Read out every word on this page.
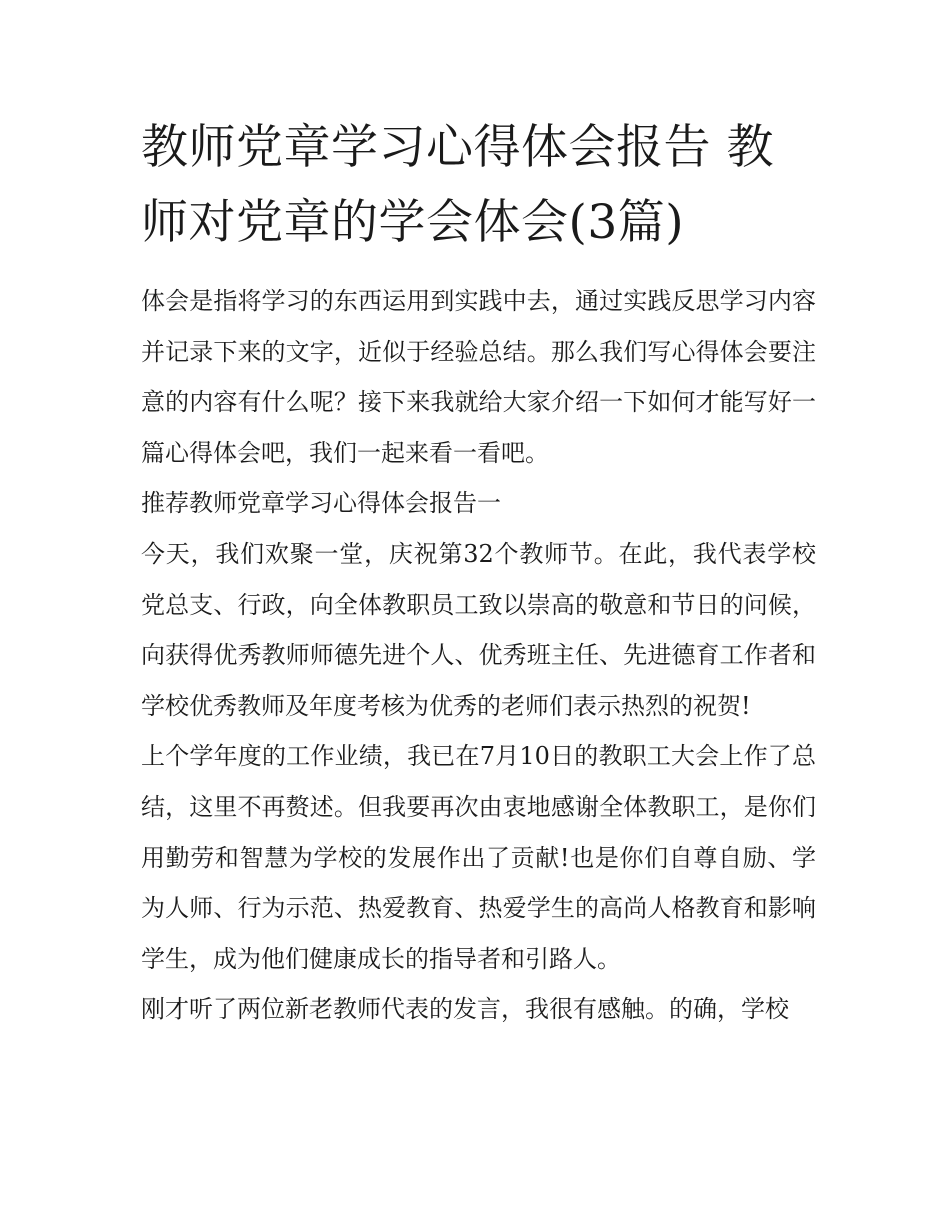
教师党章学习心得体会报告 教师对党章的学会体会(3篇)

体会是指将学习的东西运用到实践中去，通过实践反思学习内容并记录下来的文字，近似于经验总结。那么我们写心得体会要注意的内容有什么呢？接下来我就给大家介绍一下如何才能写好一篇心得体会吧，我们一起来看一看吧。

推荐教师党章学习心得体会报告一

今天，我们欢聚一堂，庆祝第32个教师节。在此，我代表学校党总支、行政，向全体教职员工致以崇高的敬意和节日的问候，向获得优秀教师师德先进个人、优秀班主任、先进德育工作者和学校优秀教师及年度考核为优秀的老师们表示热烈的祝贺!

上个学年度的工作业绩，我已在7月10日的教职工大会上作了总结，这里不再赘述。但我要再次由衷地感谢全体教职工，是你们用勤劳和智慧为学校的发展作出了贡献!也是你们自尊自励、学为人师、行为示范、热爱教育、热爱学生的高尚人格教育和影响学生，成为他们健康成长的指导者和引路人。

刚才听了两位新老教师代表的发言，我很有感触。的确，学校
